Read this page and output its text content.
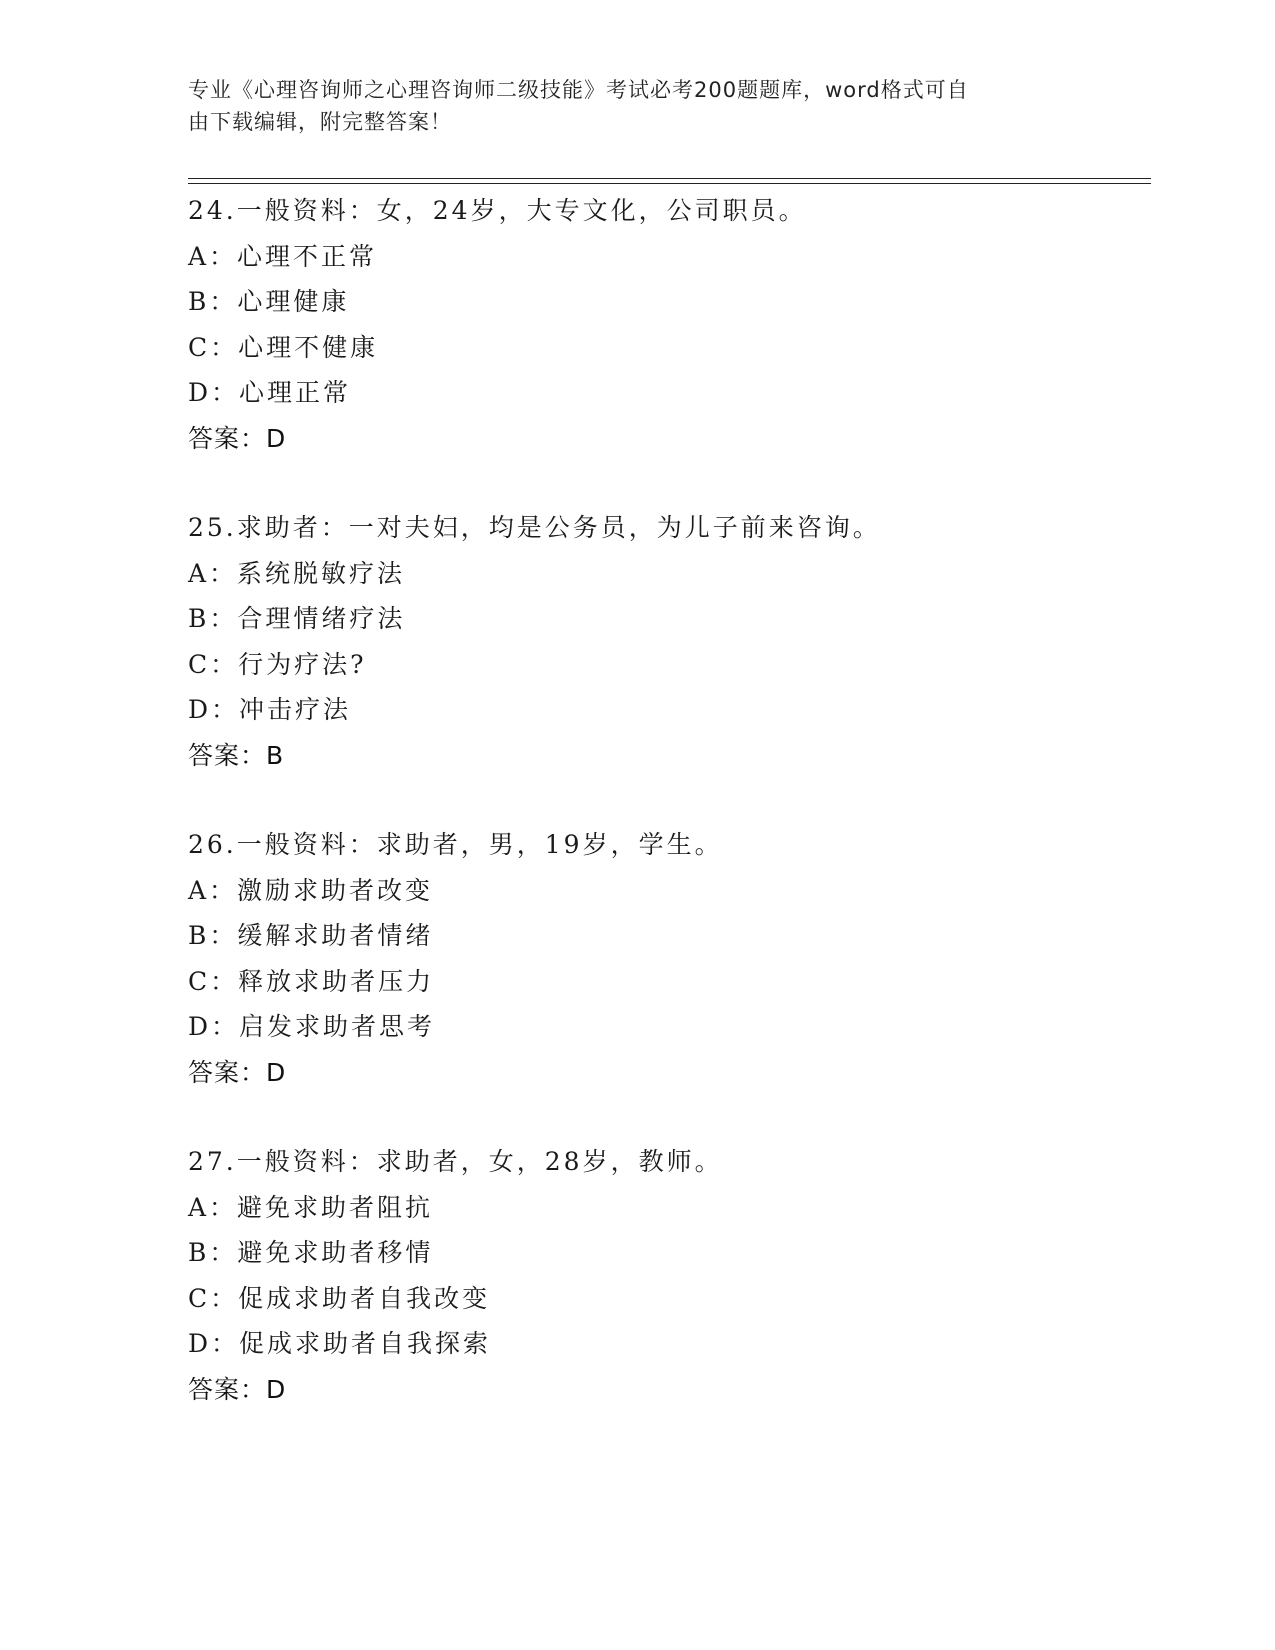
专业《心理咨询师之心理咨询师二级技能》考试必考200题题库，word格式可自
由下载编辑，附完整答案！
24.一般资料：女，24岁，大专文化，公司职员。
A：心理不正常
B：心理健康
C：心理不健康
D：心理正常
答案：D
25.求助者：一对夫妇，均是公务员，为儿子前来咨询。
A：系统脱敏疗法
B：合理情绪疗法
C：行为疗法?
D：冲击疗法
答案：B
26.一般资料：求助者，男，19岁，学生。
A：激励求助者改变
B：缓解求助者情绪
C：释放求助者压力
D：启发求助者思考
答案：D
27.一般资料：求助者，女，28岁，教师。
A：避免求助者阻抗
B：避免求助者移情
C：促成求助者自我改变
D：促成求助者自我探索
答案：D
